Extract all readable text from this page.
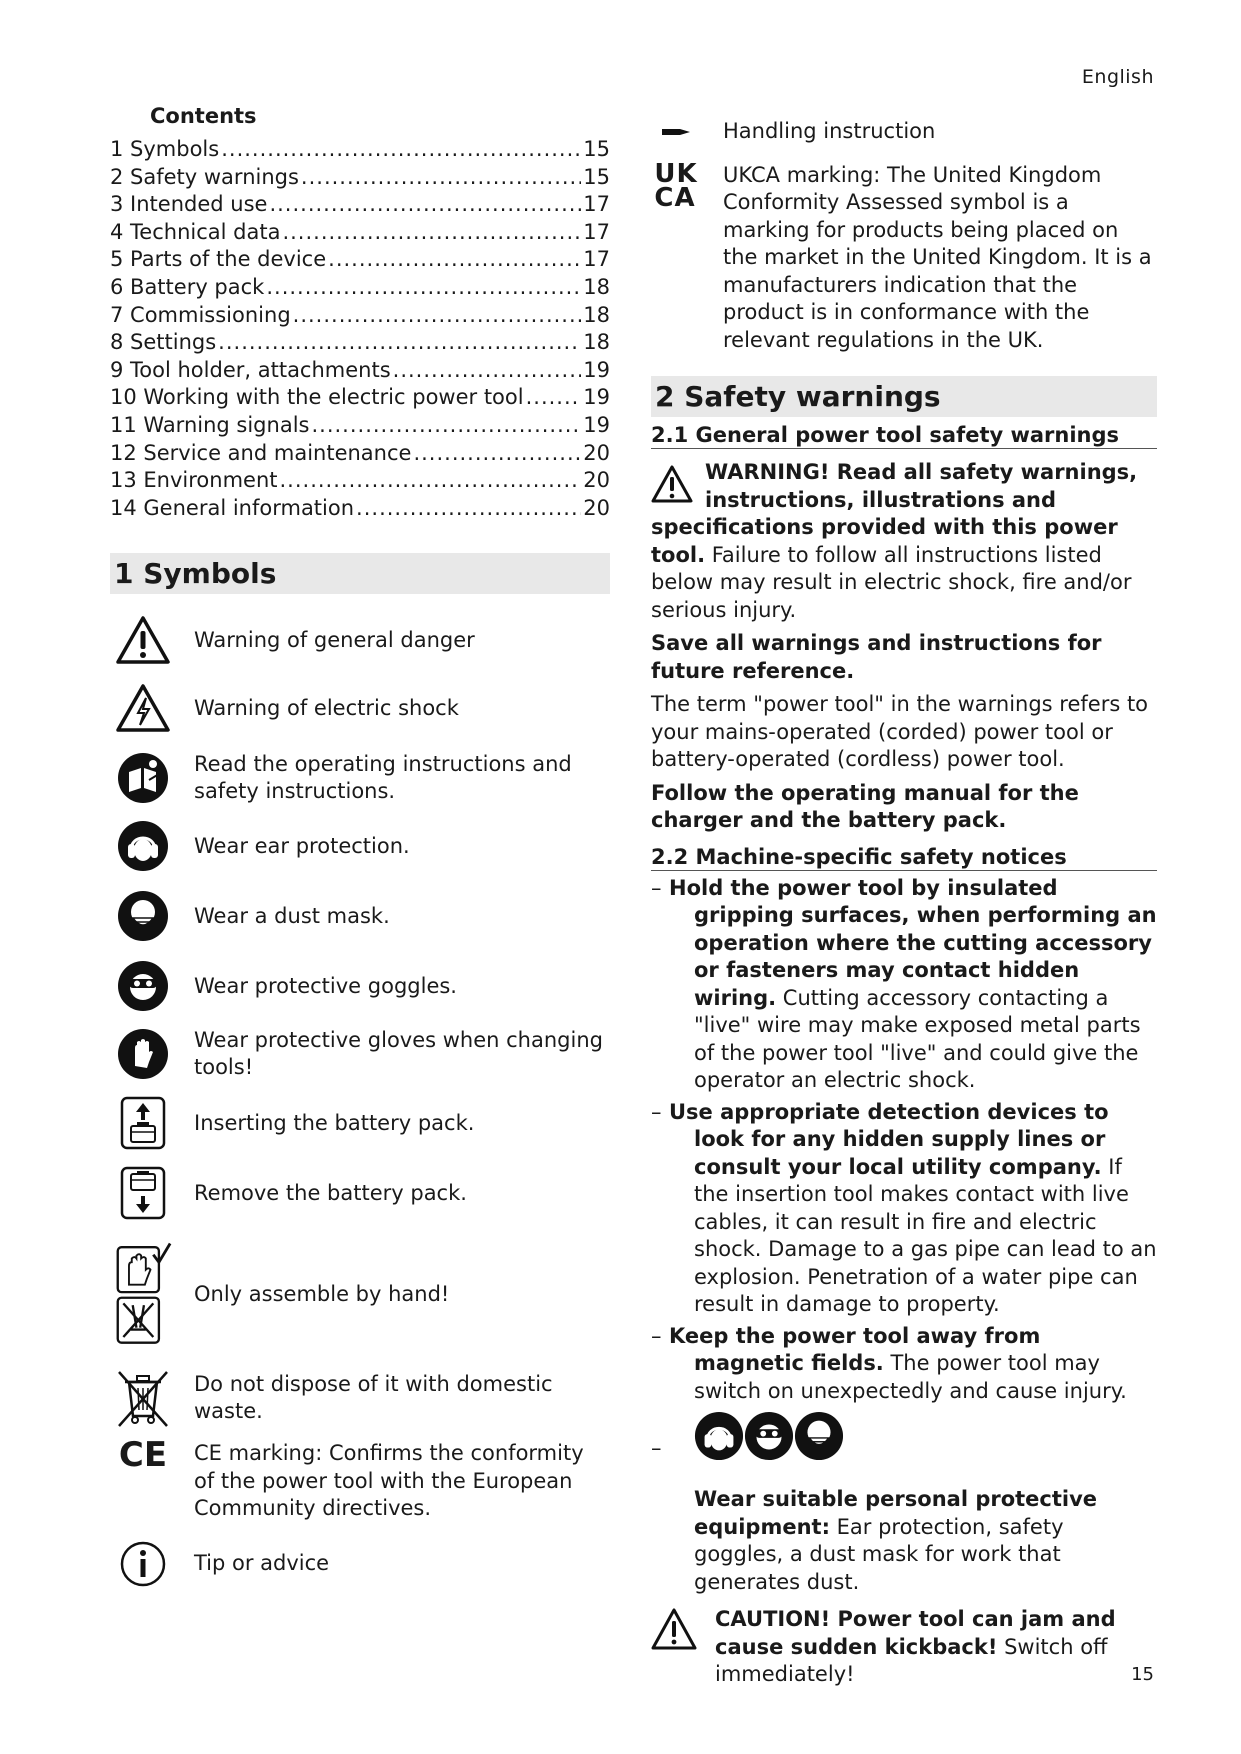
English
Contents
1 Symbols .....	15
2 Safety warnings .....	15
3 Intended use .....	17
4 Technical data .....	17
5 Parts of the device .....	17
6 Battery pack .....	18
7 Commissioning .....	18
8 Settings .....	18
9 Tool holder, attachments .....	19
10 Working with the electric power tool .....	19
11 Warning signals .....	19
12 Service and maintenance .....	20
13 Environment .....	20
14 General information .....	20
1 Symbols
Warning of general danger
Warning of electric shock
Read the operating instructions and safety instructions.
Wear ear protection.
Wear a dust mask.
Wear protective goggles.
Wear protective gloves when changing tools!
Inserting the battery pack.
Remove the battery pack.
Only assemble by hand!
Do not dispose of it with domestic waste.
CE CE marking: Confirms the conformity of the power tool with the European Community directives.
Tip or advice
Handling instruction
UK
CA
UKCA marking: The United Kingdom Conformity Assessed symbol is a marking for products being placed on the market in the United Kingdom. It is a manufacturers indication that the product is in conformance with the relevant regulations in the UK.
2 Safety warnings
2.1 General power tool safety warnings
WARNING! Read all safety warnings, instructions, illustrations and specifications provided with this power tool. Failure to follow all instructions listed below may result in electric shock, fire and/or serious injury.

Save all warnings and instructions for future reference.

The term "power tool" in the warnings refers to your mains-operated (corded) power tool or battery-operated (cordless) power tool.

Follow the operating manual for the charger and the battery pack.

2.2 Machine-specific safety notices

– Hold the power tool by insulated gripping surfaces, when performing an operation where the cutting accessory or fasteners may contact hidden wiring. Cutting accessory contacting a "live" wire may make exposed metal parts of the power tool "live" and could give the operator an electric shock.

– Use appropriate detection devices to look for any hidden supply lines or consult your local utility company. If the insertion tool makes contact with live cables, it can result in fire and electric shock. Damage to a gas pipe can lead to an explosion. Penetration of a water pipe can result in damage to property.

– Keep the power tool away from magnetic fields. The power tool may switch on unexpectedly and cause injury.

–

Wear suitable personal protective equipment: Ear protection, safety goggles, a dust mask for work that generates dust.

CAUTION! Power tool can jam and cause sudden kickback! Switch off immediately!	15
